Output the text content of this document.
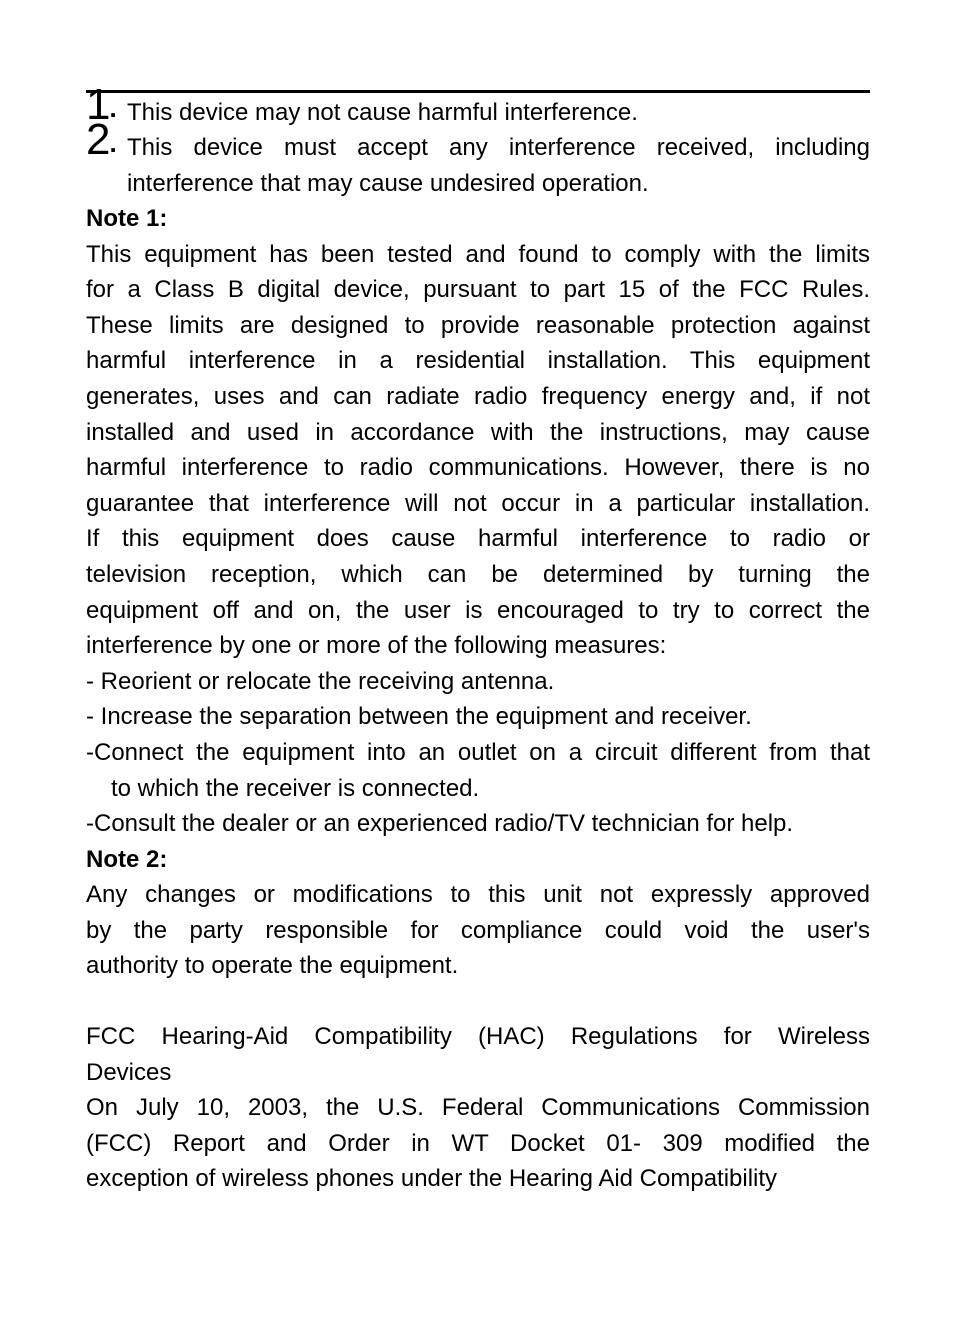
1. This device may not cause harmful interference.
2. This device must accept any interference received, including interference that may cause undesired operation.
Note 1:
This equipment has been tested and found to comply with the limits
for a Class B digital device, pursuant to part 15 of the FCC Rules.
These limits are designed to provide reasonable protection against
harmful interference in a residential installation. This equipment
generates, uses and can radiate radio frequency energy and, if not
installed and used in accordance with the instructions, may cause
harmful interference to radio communications. However, there is no
guarantee that interference will not occur in a particular installation.
If this equipment does cause harmful interference to radio or
television reception, which can be determined by turning the
equipment off and on, the user is encouraged to try to correct the
interference by one or more of the following measures:
- Reorient or relocate the receiving antenna.
- Increase the separation between the equipment and receiver.
-Connect the equipment into an outlet on a circuit different from that
to which the receiver is connected.
-Consult the dealer or an experienced radio/TV technician for help.
Note 2:
Any changes or modifications to this unit not expressly approved
by the party responsible for compliance could void the user's
authority to operate the equipment.
FCC Hearing-Aid Compatibility (HAC) Regulations for Wireless
Devices
On July 10, 2003, the U.S. Federal Communications Commission
(FCC) Report and Order in WT Docket 01- 309 modified the
exception of wireless phones under the Hearing Aid Compatibility
